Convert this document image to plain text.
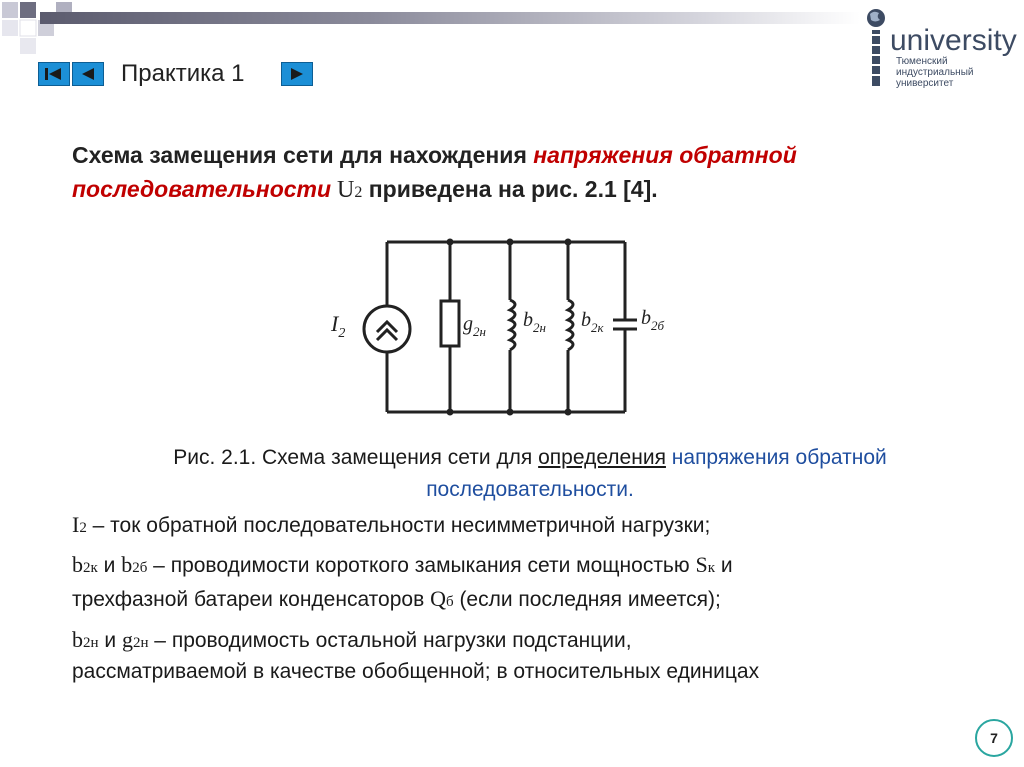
Практика 1
university
Тюменский
индустриальный
университет
Схема замещения сети для нахождения напряжения обратной последовательности U2 приведена на рис. 2.1 [4].
$I_2$	$g_{2н}$
$b_{2н}$ $b_{2к}$ $b_{2б}$
Рис. 2.1. Схема замещения сети для определения напряжения обратной последовательности.
I2 – ток обратной последовательности несимметричной нагрузки;
b2к и b2б – проводимости короткого замыкания сети мощностью Sк и
трехфазной батареи конденсаторов Qб (если последняя имеется);
b2н и g2н – проводимость остальной нагрузки подстанции,
рассматриваемой в качестве обобщенной; в относительных единицах
7
